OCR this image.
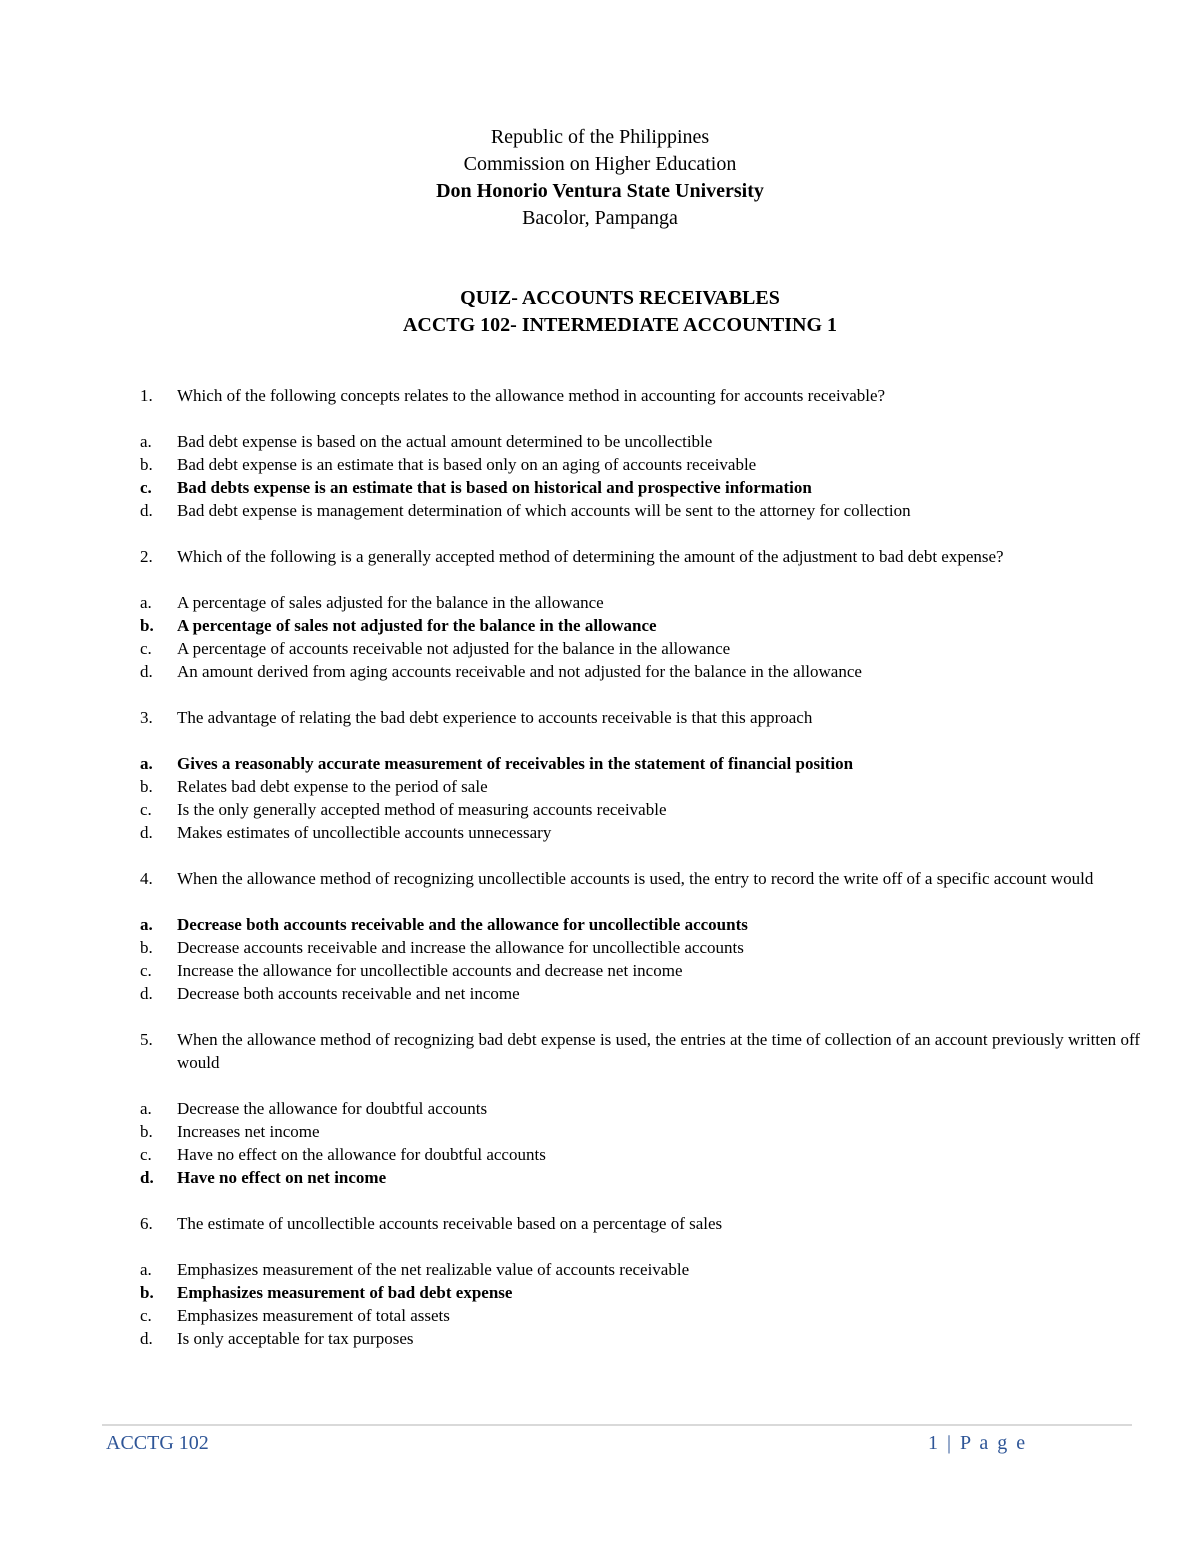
Republic of the Philippines
Commission on Higher Education
Don Honorio Ventura State University
Bacolor, Pampanga
QUIZ- ACCOUNTS RECEIVABLES
ACCTG 102- INTERMEDIATE ACCOUNTING 1
1.	Which of the following concepts relates to the allowance method in accounting for accounts receivable?
a.	Bad debt expense is based on the actual amount determined to be uncollectible
b.	Bad debt expense is an estimate that is based only on an aging of accounts receivable
c.	Bad debts expense is an estimate that is based on historical and prospective information
d.	Bad debt expense is management determination of which accounts will be sent to the attorney for collection
2.	Which of the following is a generally accepted method of determining the amount of the adjustment to bad debt expense?
a.	A percentage of sales adjusted for the balance in the allowance
b.	A percentage of sales not adjusted for the balance in the allowance
c.	A percentage of accounts receivable not adjusted for the balance in the allowance
d.	An amount derived from aging accounts receivable and not adjusted for the balance in the allowance
3.	The advantage of relating the bad debt experience to accounts receivable is that this approach
a.	Gives a reasonably accurate measurement of receivables in the statement of financial position
b.	Relates bad debt expense to the period of sale
c.	Is the only generally accepted method of measuring accounts receivable
d.	Makes estimates of uncollectible accounts unnecessary
4.	When the allowance method of recognizing uncollectible accounts is used, the entry to record the write off of a specific account would
a.	Decrease both accounts receivable and the allowance for uncollectible accounts
b.	Decrease accounts receivable and increase the allowance for uncollectible accounts
c.	Increase the allowance for uncollectible accounts and decrease net income
d.	Decrease both accounts receivable and net income
5.	When the allowance method of recognizing bad debt expense is used, the entries at the time of collection of an account previously written off would
a.	Decrease the allowance for doubtful accounts
b.	Increases net income
c.	Have no effect on the allowance for doubtful accounts
d.	Have no effect on net income
6.	The estimate of uncollectible accounts receivable based on a percentage of sales
a.	Emphasizes measurement of the net realizable value of accounts receivable
b.	Emphasizes measurement of bad debt expense
c.	Emphasizes measurement of total assets
d.	Is only acceptable for tax purposes
ACCTG 102	1 | P a g e
